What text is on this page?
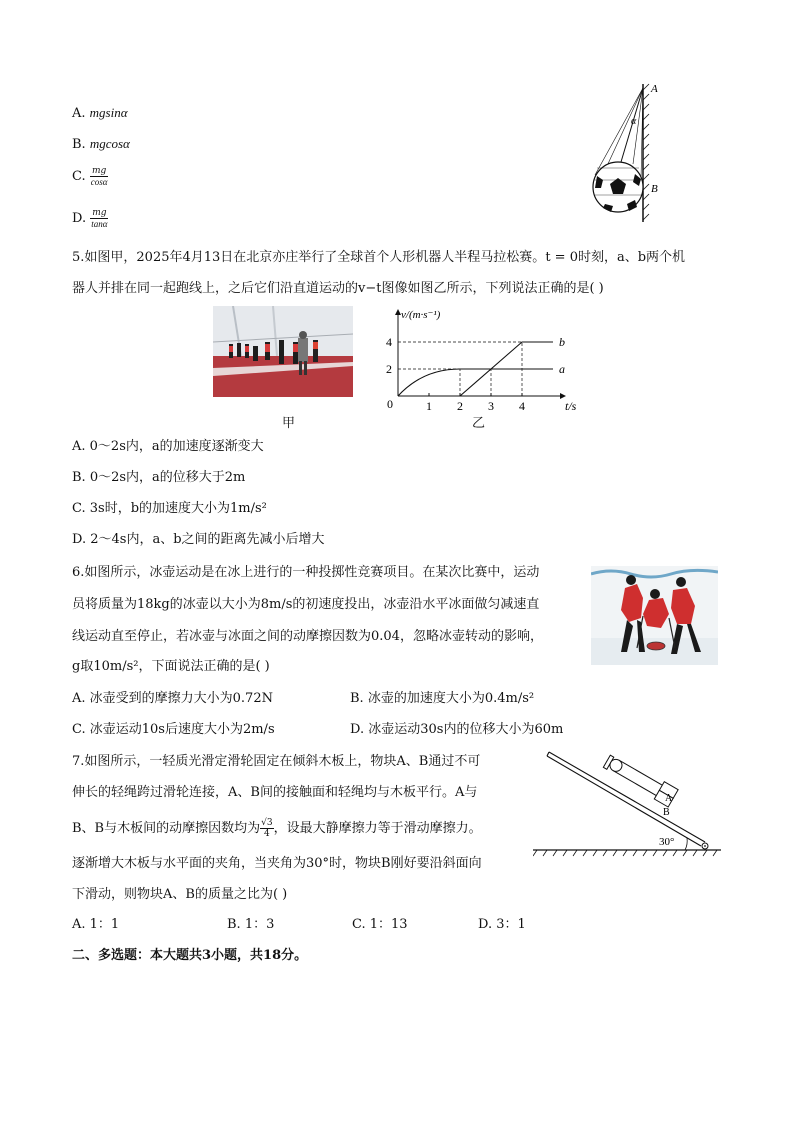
A. mgsinα
B. mgcosα
C. $\frac{mg}{\cos\alpha}$
D. $\frac{mg}{\tan\alpha}$
A
α
B
5.如图甲，2025年4月13日在北京亦庄举行了全球首个人形机器人半程马拉松赛。t = 0时刻，a、b两个机
器人并排在同一起跑线上，之后它们沿直道运动的v−t图像如图乙所示，下列说法正确的是( )
甲
2
4
1 2 3 4
a
b
0
v/(m·s⁻¹)
t/s
乙
A. 0～2s内，a的加速度逐渐变大
B. 0～2s内，a的位移大于2m
C. 3s时，b的加速度大小为1m/s²
D. 2～4s内，a、b之间的距离先减小后增大
6.如图所示，冰壶运动是在冰上进行的一种投掷性竞赛项目。在某次比赛中，运动
员将质量为18kg的冰壶以大小为8m/s的初速度投出，冰壶沿水平冰面做匀减速直
线运动直至停止，若冰壶与冰面之间的动摩擦因数为0.04，忽略冰壶转动的影响，
g取10m/s²，下面说法正确的是( )
A. 冰壶受到的摩擦力大小为0.72N	B. 冰壶的加速度大小为0.4m/s²
C. 冰壶运动10s后速度大小为2m/s	D. 冰壶运动30s内的位移大小为60m
7.如图所示，一轻质光滑定滑轮固定在倾斜木板上，物块A、B通过不可
伸长的轻绳跨过滑轮连接，A、B间的接触面和轻绳均与木板平行。A与
B、B与木板间的动摩擦因数均为 $\frac{√3}{4}$ ，设最大静摩擦力等于滑动摩擦力。
逐渐增大木板与水平面的夹角，当夹角为30°时，物块B刚好要沿斜面向
下滑动，则物块A、B的质量之比为( )
A
B
30°
A. 1：1	B. 1：3	C. 1：13	D. 3：1
二、多选题：本大题共3小题，共18分。
